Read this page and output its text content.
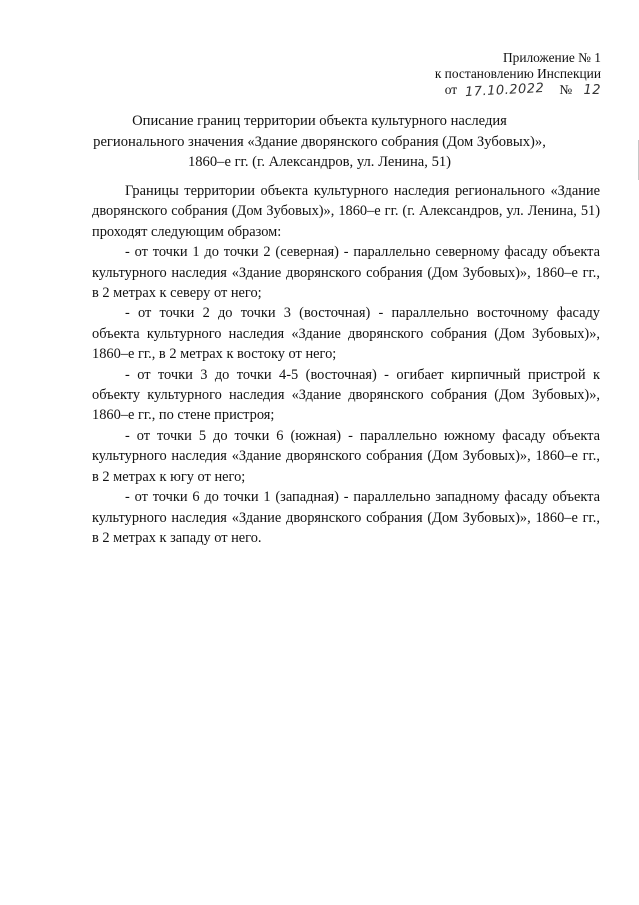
Приложение № 1
к постановлению Инспекции
от 17.10.2022 № 12
Описание границ территории объекта культурного наследия
регионального значения «Здание дворянского собрания (Дом Зубовых)»,
1860–е гг. (г. Александров, ул. Ленина, 51)

Границы территории объекта культурного наследия регионального «Здание дворянского собрания (Дом Зубовых)», 1860–е гг. (г. Александров, ул. Ленина, 51) проходят следующим образом:

- от точки 1 до точки 2 (северная) - параллельно северному фасаду объекта культурного наследия «Здание дворянского собрания (Дом Зубовых)», 1860–е гг., в 2 метрах к северу от него;

- от точки 2 до точки 3 (восточная) - параллельно восточному фасаду объекта культурного наследия «Здание дворянского собрания (Дом Зубовых)», 1860–е гг., в 2 метрах к востоку от него;

- от точки 3 до точки 4-5 (восточная) - огибает кирпичный пристрой к объекту культурного наследия «Здание дворянского собрания (Дом Зубовых)», 1860–е гг., по стене пристроя;

- от точки 5 до точки 6 (южная) - параллельно южному фасаду объекта культурного наследия «Здание дворянского собрания (Дом Зубовых)», 1860–е гг., в 2 метрах к югу от него;

- от точки 6 до точки 1 (западная) - параллельно западному фасаду объекта культурного наследия «Здание дворянского собрания (Дом Зубовых)», 1860–е гг., в 2 метрах к западу от него.
